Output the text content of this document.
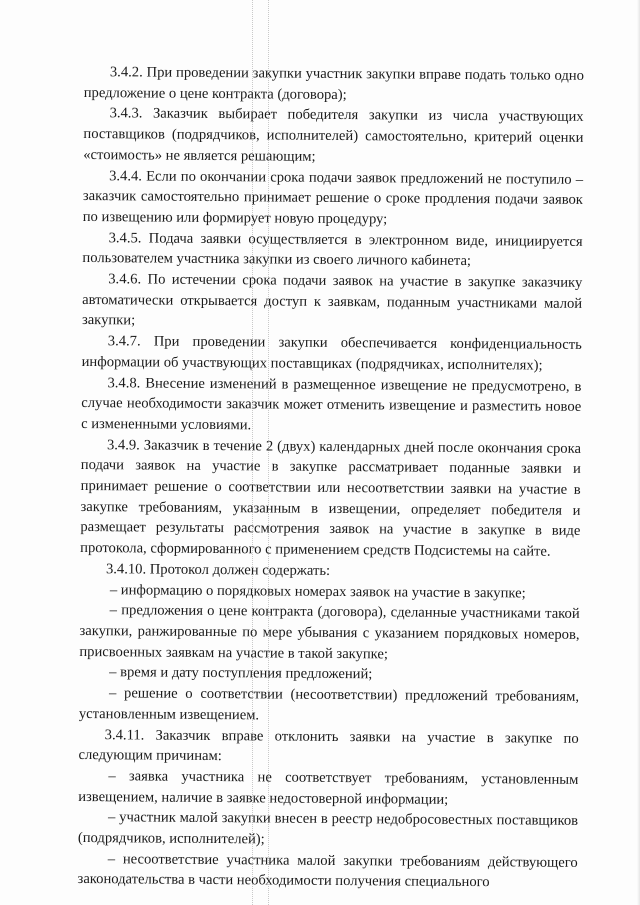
3.4.2. При проведении закупки участник закупки вправе подать только одно предложение о цене контракта (договора);

3.4.3. Заказчик выбирает победителя закупки из числа участвующих поставщиков (подрядчиков, исполнителей) самостоятельно, критерий оценки «стоимость» не является решающим;

3.4.4. Если по окончании срока подачи заявок предложений не поступило – заказчик самостоятельно принимает решение о сроке продления подачи заявок по извещению или формирует новую процедуру;

3.4.5. Подача заявки осуществляется в электронном виде, инициируется пользователем участника закупки из своего личного кабинета;

3.4.6. По истечении срока подачи заявок на участие в закупке заказчику автоматически открывается доступ к заявкам, поданным участниками малой закупки;

3.4.7. При проведении закупки обеспечивается конфиденциальность информации об участвующих поставщиках (подрядчиках, исполнителях);

3.4.8. Внесение изменений в размещенное извещение не предусмотрено, в случае необходимости заказчик может отменить извещение и разместить новое с измененными условиями.

3.4.9. Заказчик в течение 2 (двух) календарных дней после окончания срока подачи заявок на участие в закупке рассматривает поданные заявки и принимает решение о соответствии или несоответствии заявки на участие в закупке требованиям, указанным в извещении, определяет победителя и размещает результаты рассмотрения заявок на участие в закупке в виде протокола, сформированного с применением средств Подсистемы на сайте.

3.4.10. Протокол должен содержать:

– информацию о порядковых номерах заявок на участие в закупке;

– предложения о цене контракта (договора), сделанные участниками такой закупки, ранжированные по мере убывания с указанием порядковых номеров, присвоенных заявкам на участие в такой закупке;

– время и дату поступления предложений;

– решение о соответствии (несоответствии) предложений требованиям, установленным извещением.

3.4.11. Заказчик вправе отклонить заявки на участие в закупке по следующим причинам:

– заявка участника не соответствует требованиям, установленным извещением, наличие в заявке недостоверной информации;

– участник малой закупки внесен в реестр недобросовестных поставщиков (подрядчиков, исполнителей);

– несоответствие участника малой закупки требованиям действующего законодательства в части необходимости получения специального
